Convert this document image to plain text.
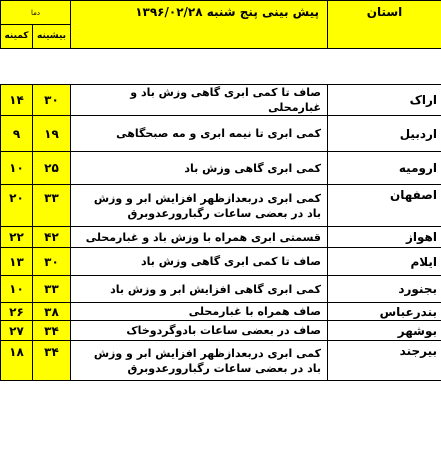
دما		پیش بینی پنج شنبه ۱۳۹۶/۰۲/۲۸	استان
کمینه	بیشینه		
۱۴	۳۰	صاف تا کمی ابری گاهی وزش باد و غبارمحلی	اراک
۹	۱۹	کمی ابری تا نیمه ابری و مه صبحگاهی	اردبیل
۱۰	۲۵	کمی ابری گاهی وزش باد	ارومیه
۲۰	۳۳	کمی ابری دربعدازظهر افزایش ابر و وزش باد در بعضی ساعات رگبارورعدوبرق	اصفهان
۲۲	۴۲	قسمتی ابری همراه با وزش باد و غبارمحلی	اهواز
۱۳	۳۰	صاف تا کمی ابری گاهی وزش باد	ایلام
۱۰	۳۳	کمی ابری گاهی افزایش ابر و وزش باد	بجنورد
۲۶	۳۸	صاف همراه با غبارمحلی	بندرعباس
۲۷	۳۴	صاف در بعضی ساعات بادوگردوخاک	بوشهر
۱۸	۳۴	کمی ابری دربعدازظهر افزایش ابر و وزش باد در بعضی ساعات رگبارورعدوبرق	بیرجند
